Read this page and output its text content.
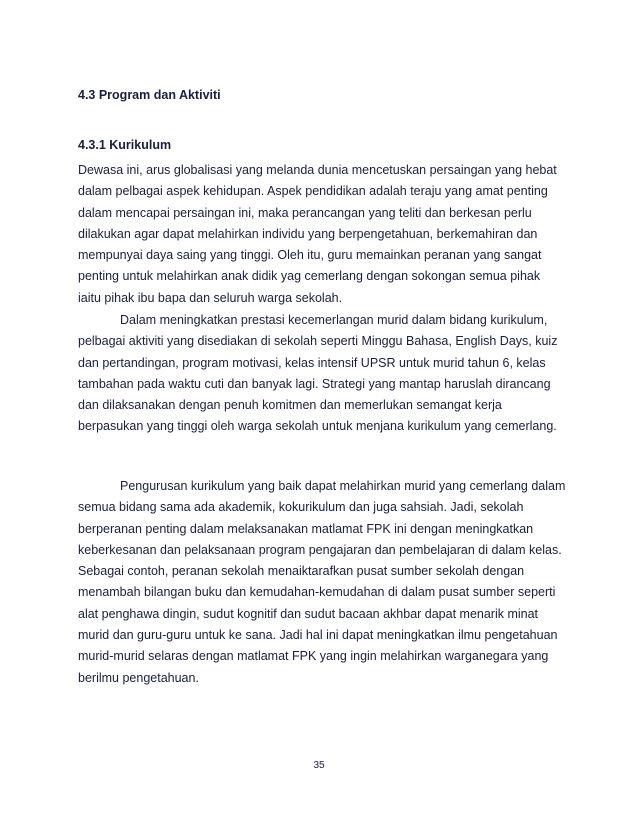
4.3 Program dan Aktiviti
4.3.1 Kurikulum
Dewasa ini, arus globalisasi yang melanda dunia mencetuskan persaingan yang hebat
dalam pelbagai aspek kehidupan. Aspek pendidikan adalah teraju yang amat penting
dalam mencapai persaingan ini, maka perancangan yang teliti dan berkesan perlu
dilakukan agar dapat melahirkan individu yang berpengetahuan, berkemahiran dan
mempunyai daya saing yang tinggi. Oleh itu, guru memainkan peranan yang sangat
penting untuk melahirkan anak didik yag cemerlang dengan sokongan semua pihak
iaitu pihak ibu bapa dan seluruh warga sekolah.
Dalam meningkatkan prestasi kecemerlangan murid dalam bidang kurikulum,
pelbagai aktiviti yang disediakan di sekolah seperti Minggu Bahasa, English Days, kuiz
dan pertandingan, program motivasi, kelas intensif UPSR untuk murid tahun 6, kelas
tambahan pada waktu cuti dan banyak lagi. Strategi yang mantap haruslah dirancang
dan dilaksanakan dengan penuh komitmen dan memerlukan semangat kerja
berpasukan yang tinggi oleh warga sekolah untuk menjana kurikulum yang cemerlang.
Pengurusan kurikulum yang baik dapat melahirkan murid yang cemerlang dalam
semua bidang sama ada akademik, kokurikulum dan juga sahsiah. Jadi, sekolah
berperanan penting dalam melaksanakan matlamat FPK ini dengan meningkatkan
keberkesanan dan pelaksanaan program pengajaran dan pembelajaran di dalam kelas.
Sebagai contoh, peranan sekolah menaiktarafkan pusat sumber sekolah dengan
menambah bilangan buku dan kemudahan-kemudahan di dalam pusat sumber seperti
alat penghawa dingin, sudut kognitif dan sudut bacaan akhbar dapat menarik minat
murid dan guru-guru untuk ke sana. Jadi hal ini dapat meningkatkan ilmu pengetahuan
murid-murid selaras dengan matlamat FPK yang ingin melahirkan warganegara yang
berilmu pengetahuan.
35
